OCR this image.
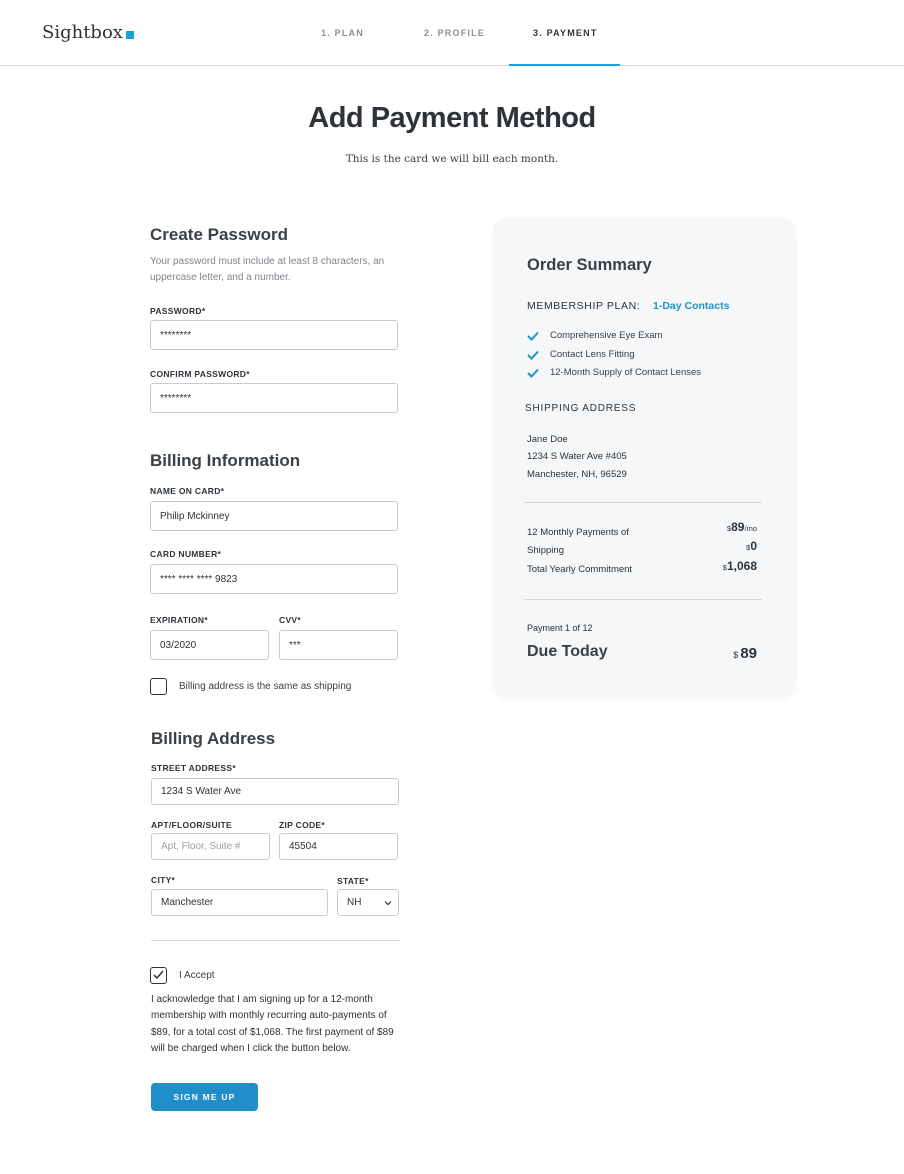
Sightbox	1. PLAN	2. PROFILE	3. PAYMENT
Add Payment Method

This is the card we will bill each month.

Create Password
Your password must include at least 8 characters, an uppercase letter, and a number.
PASSWORD*
********
CONFIRM PASSWORD*
********
Billing Information
NAME ON CARD*
Philip Mckinney
CARD NUMBER*
**** **** **** 9823
EXPIRATION*
03/2020
CVV*
***
Billing address is the same as shipping
Billing Address
STREET ADDRESS*
1234 S Water Ave
APT/FLOOR/SUITE
Apt, Floor, Suite #
ZIP CODE*
45504
CITY*
Manchester
STATE*
NH
I Accept
I acknowledge that I am signing up for a 12-month membership with monthly recurring auto-payments of $89, for a total cost of $1,068. The first payment of $89 will be charged when I click the button below.
SIGN ME UP
Order Summary
MEMBERSHIP PLAN: 1-Day Contacts
Comprehensive Eye Exam
Contact Lens Fitting
12-Month Supply of Contact Lenses
SHIPPING ADDRESS
Jane Doe
1234 S Water Ave #405
Manchester, NH, 96529
12 Monthly Payments of	$89/mo
Shipping	$0
Total Yearly Commitment	$1,068
Payment 1 of 12
Due Today	$ 89
